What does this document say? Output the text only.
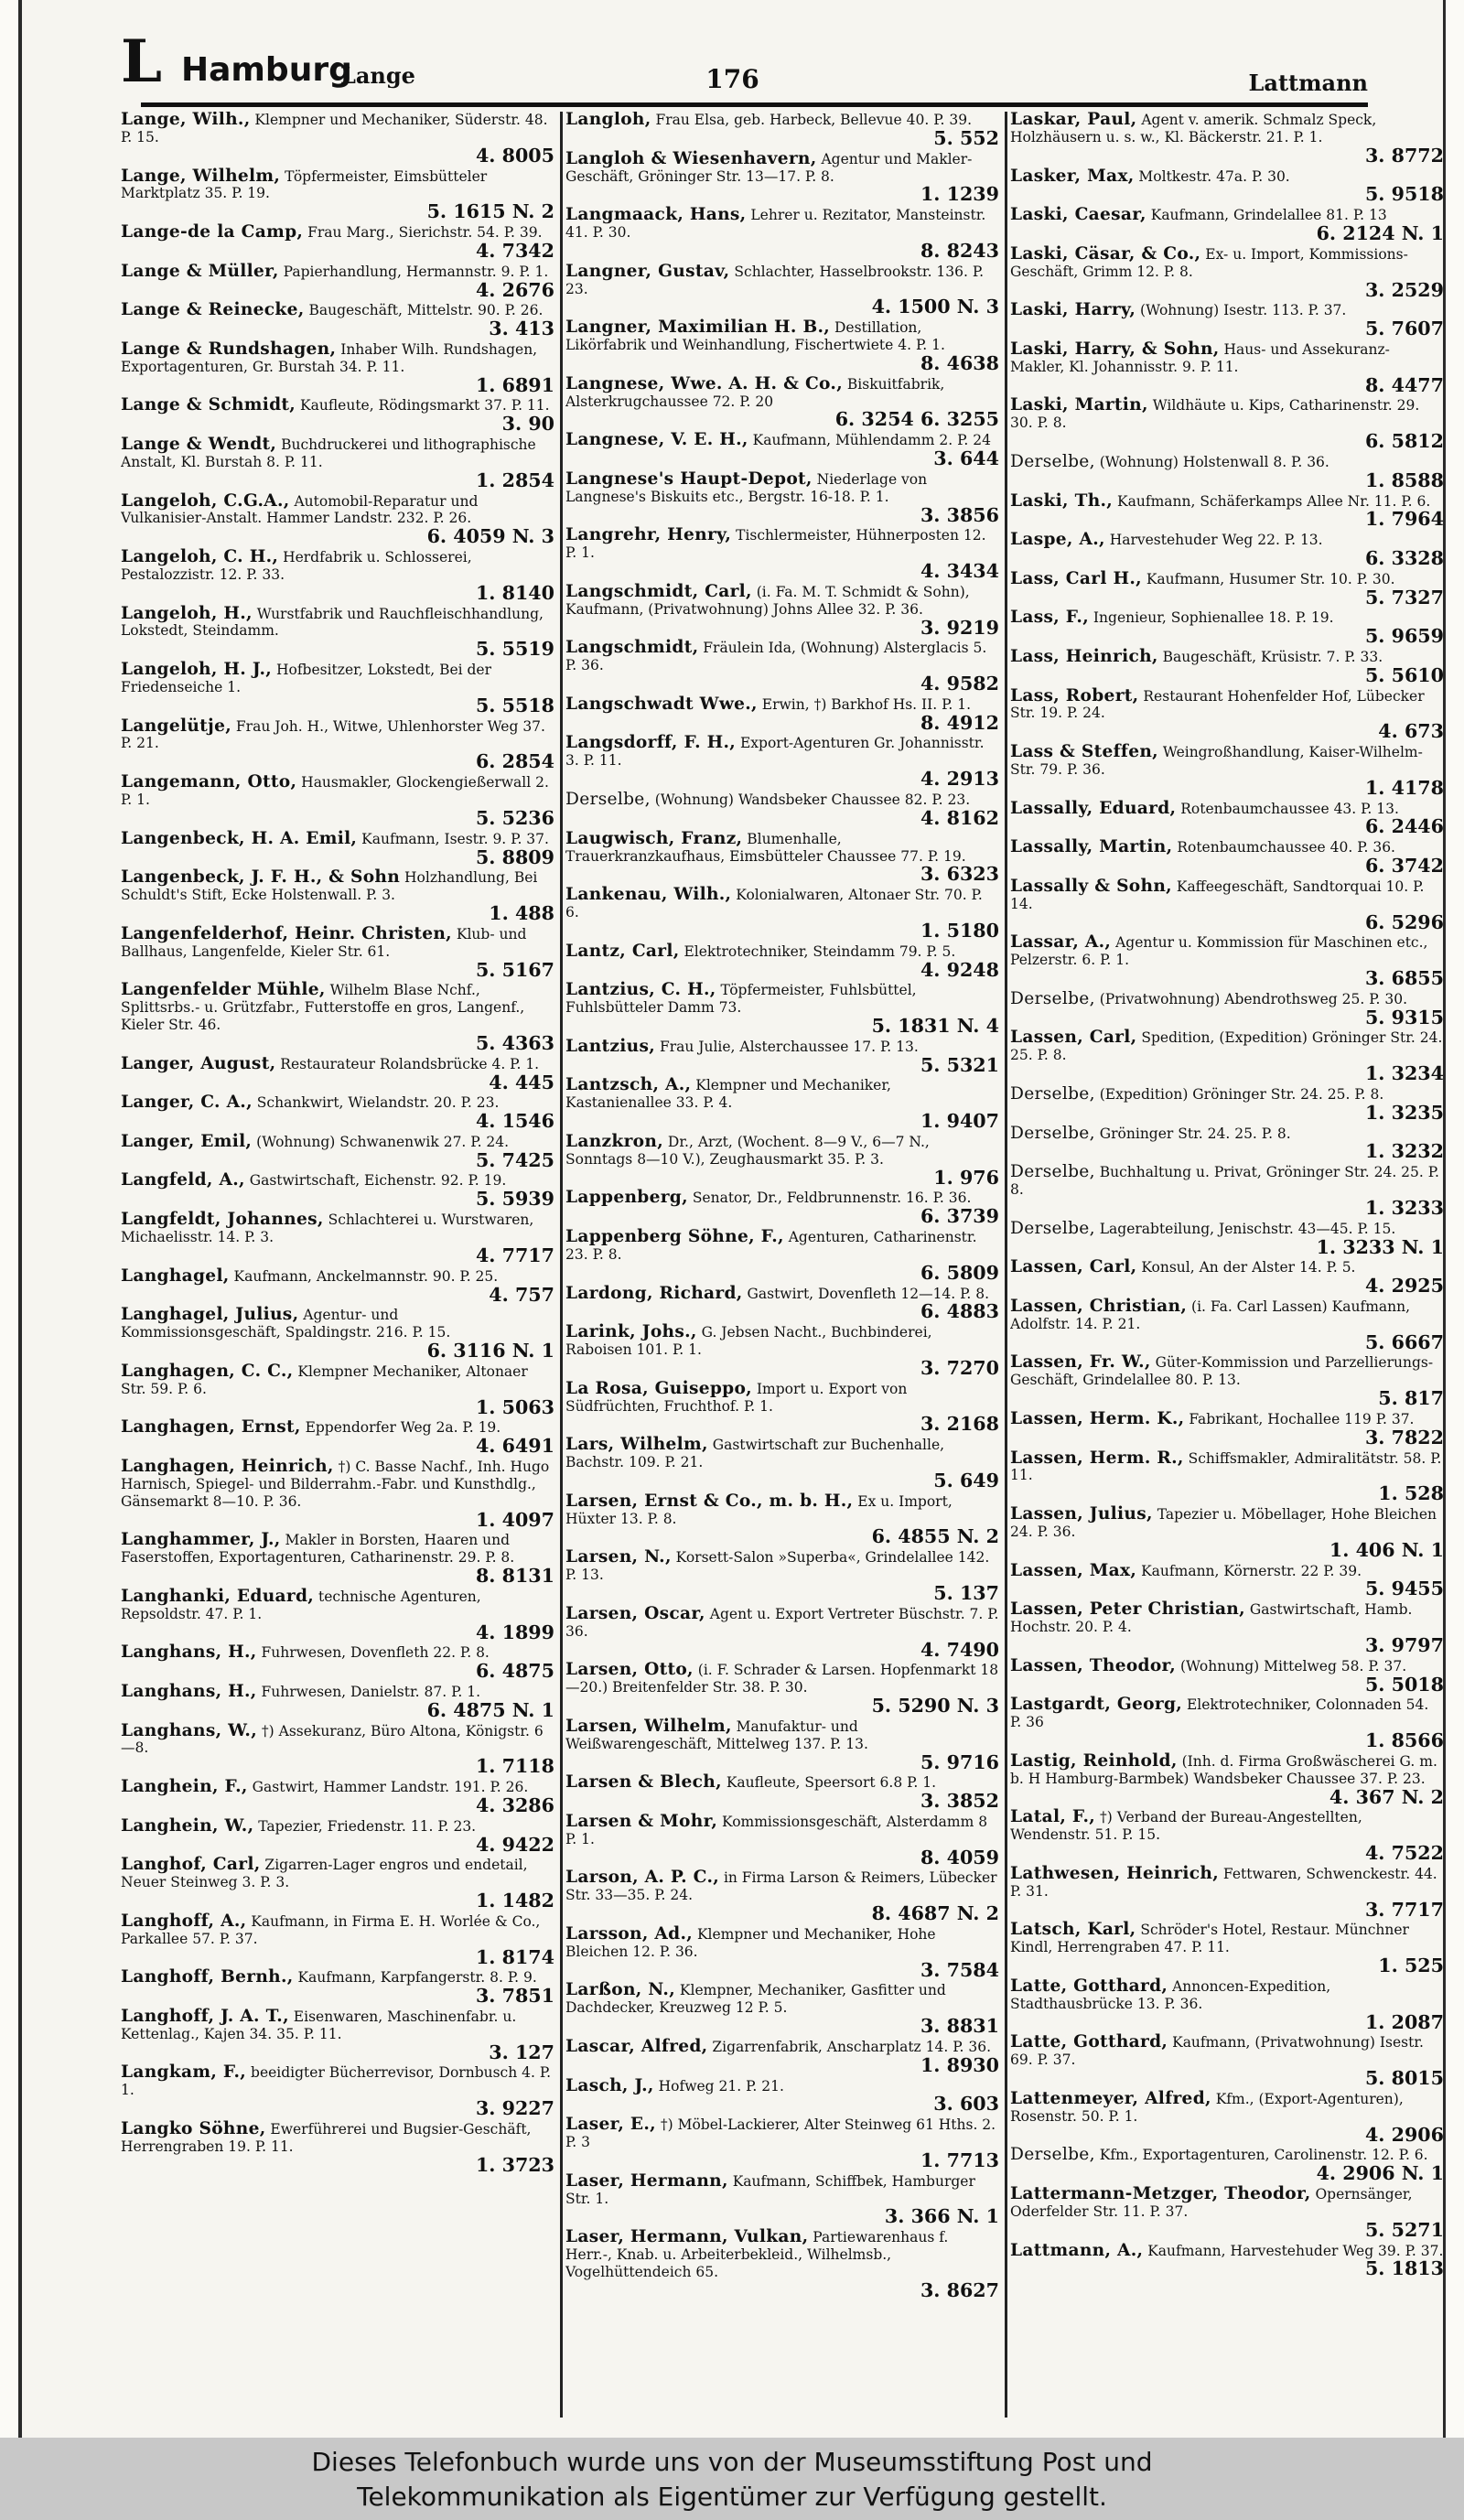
L Hamburg
Lange	176	Lattmann
Lange, Wilh., Klempner und Mechaniker, Süderstr. 48. P. 15.
4. 8005
Lange, Wilhelm, Töpfermeister, Eimsbütteler Marktplatz 35. P. 19.
5. 1615 N. 2
Lange-de la Camp, Frau Marg., Sierichstr. 54. P. 39.
4. 7342
Lange & Müller, Papierhandlung, Hermannstr. 9. P. 1.
4. 2676
Lange & Reinecke, Baugeschäft, Mittelstr. 90. P. 26.
3. 413
Lange & Rundshagen, Inhaber Wilh. Rundshagen, Exportagenturen, Gr. Burstah 34. P. 11.
1. 6891
Lange & Schmidt, Kaufleute, Rödingsmarkt 37. P. 11.
3. 90
Lange & Wendt, Buchdruckerei und lithographische Anstalt, Kl. Burstah 8. P. 11.
1. 2854
Langeloh, C.G.A., Automobil-Reparatur und Vulkanisier-Anstalt. Hammer Landstr. 232. P. 26.
6. 4059 N. 3
Langeloh, C. H., Herdfabrik u. Schlosserei, Pestalozzistr. 12. P. 33.
1. 8140
Langeloh, H., Wurstfabrik und Rauchfleischhandlung, Lokstedt, Steindamm.
5. 5519
Langeloh, H. J., Hofbesitzer, Lokstedt, Bei der Friedenseiche 1.
5. 5518
Langelütje, Frau Joh. H., Witwe, Uhlenhorster Weg 37. P. 21.
6. 2854
Langemann, Otto, Hausmakler, Glockengießerwall 2. P. 1.
5. 5236
Langenbeck, H. A. Emil, Kaufmann, Isestr. 9. P. 37.
5. 8809
Langenbeck, J. F. H., & Sohn Holzhandlung, Bei Schuldt's Stift, Ecke Holstenwall. P. 3.
1. 488
Langenfelderhof, Heinr. Christen, Klub- und Ballhaus, Langenfelde, Kieler Str. 61.
5. 5167
Langenfelder Mühle, Wilhelm Blase Nchf., Splittsrbs.- u. Grützfabr., Futterstoffe en gros, Langenf., Kieler Str. 46.
5. 4363
Langer, August, Restaurateur Rolandsbrücke 4. P. 1.
4. 445
Langer, C. A., Schankwirt, Wielandstr. 20. P. 23.
4. 1546
Langer, Emil, (Wohnung) Schwanenwik 27. P. 24.
5. 7425
Langfeld, A., Gastwirtschaft, Eichenstr. 92. P. 19.
5. 5939
Langfeldt, Johannes, Schlachterei u. Wurstwaren, Michaelisstr. 14. P. 3.
4. 7717
Langhagel, Kaufmann, Anckelmannstr. 90. P. 25.
4. 757
Langhagel, Julius, Agentur- und Kommissionsgeschäft, Spaldingstr. 216. P. 15.
6. 3116 N. 1
Langhagen, C. C., Klempner Mechaniker, Altonaer Str. 59. P. 6.
1. 5063
Langhagen, Ernst, Eppendorfer Weg 2a. P. 19.
4. 6491
Langhagen, Heinrich, †) C. Basse Nachf., Inh. Hugo Harnisch, Spiegel- und Bilderrahm.-Fabr. und Kunsthdlg., Gänsemarkt 8—10. P. 36.
1. 4097
Langhammer, J., Makler in Borsten, Haaren und Faserstoffen, Exportagenturen, Catharinenstr. 29. P. 8.
8. 8131
Langhanki, Eduard, technische Agenturen, Repsoldstr. 47. P. 1.
4. 1899
Langhans, H., Fuhrwesen, Dovenfleth 22. P. 8.
6. 4875
Langhans, H., Fuhrwesen, Danielstr. 87. P. 1.
6. 4875 N. 1
Langhans, W., †) Assekuranz, Büro Altona, Königstr. 6—8.
1. 7118
Langhein, F., Gastwirt, Hammer Landstr. 191. P. 26.
4. 3286
Langhein, W., Tapezier, Friedenstr. 11. P. 23.
4. 9422
Langhof, Carl, Zigarren-Lager engros und endetail, Neuer Steinweg 3. P. 3.
1. 1482
Langhoff, A., Kaufmann, in Firma E. H. Worlée & Co., Parkallee 57. P. 37.
1. 8174
Langhoff, Bernh., Kaufmann, Karpfangerstr. 8. P. 9.
3. 7851
Langhoff, J. A. T., Eisenwaren, Maschinenfabr. u. Kettenlag., Kajen 34. 35. P. 11.
3. 127
Langkam, F., beeidigter Bücherrevisor, Dornbusch 4. P. 1.
3. 9227
Langko Söhne, Ewerführerei und Bugsier-Geschäft, Herrengraben 19. P. 11.
1. 3723
Langloh, Frau Elsa, geb. Harbeck, Bellevue 40. P. 39.
5. 552
Langloh & Wiesenhavern, Agentur und Makler-Geschäft, Gröninger Str. 13—17. P. 8.
1. 1239
Langmaack, Hans, Lehrer u. Rezitator, Mansteinstr. 41. P. 30.
8. 8243
Langner, Gustav, Schlachter, Hasselbrookstr. 136. P. 23.
4. 1500 N. 3
Langner, Maximilian H. B., Destillation, Likörfabrik und Weinhandlung, Fischertwiete 4. P. 1.
8. 4638
Langnese, Wwe. A. H. & Co., Biskuitfabrik, Alsterkrugchaussee 72. P. 20
6. 3254 6. 3255
Langnese, V. E. H., Kaufmann, Mühlendamm 2. P. 24
3. 644
Langnese's Haupt-Depot, Niederlage von Langnese's Biskuits etc., Bergstr. 16-18. P. 1.
3. 3856
Langrehr, Henry, Tischlermeister, Hühnerposten 12. P. 1.
4. 3434
Langschmidt, Carl, (i. Fa. M. T. Schmidt & Sohn), Kaufmann, (Privatwohnung) Johns Allee 32. P. 36.
3. 9219
Langschmidt, Fräulein Ida, (Wohnung) Alsterglacis 5. P. 36.
4. 9582
Langschwadt Wwe., Erwin, †) Barkhof Hs. II. P. 1.
8. 4912
Langsdorff, F. H., Export-Agenturen Gr. Johannisstr. 3. P. 11.
4. 2913
Derselbe, (Wohnung) Wandsbeker Chaussee 82. P. 23.
4. 8162
Laugwisch, Franz, Blumenhalle, Trauerkranzkaufhaus, Eimsbütteler Chaussee 77. P. 19.
3. 6323
Lankenau, Wilh., Kolonialwaren, Altonaer Str. 70. P. 6.
1. 5180
Lantz, Carl, Elektrotechniker, Steindamm 79. P. 5.
4. 9248
Lantzius, C. H., Töpfermeister, Fuhlsbüttel, Fuhlsbütteler Damm 73.
5. 1831 N. 4
Lantzius, Frau Julie, Alsterchaussee 17. P. 13.
5. 5321
Lantzsch, A., Klempner und Mechaniker, Kastanienallee 33. P. 4.
1. 9407
Lanzkron, Dr., Arzt, (Wochent. 8—9 V., 6—7 N., Sonntags 8—10 V.), Zeughausmarkt 35. P. 3.
1. 976
Lappenberg, Senator, Dr., Feldbrunnenstr. 16. P. 36.
6. 3739
Lappenberg Söhne, F., Agenturen, Catharinenstr. 23. P. 8.
6. 5809
Lardong, Richard, Gastwirt, Dovenfleth 12—14. P. 8.
6. 4883
Larink, Johs., G. Jebsen Nacht., Buchbinderei, Raboisen 101. P. 1.
3. 7270
La Rosa, Guiseppo, Import u. Export von Südfrüchten, Fruchthof. P. 1.
3. 2168
Lars, Wilhelm, Gastwirtschaft zur Buchenhalle, Bachstr. 109. P. 21.
5. 649
Larsen, Ernst & Co., m. b. H., Ex u. Import, Hüxter 13. P. 8.
6. 4855 N. 2
Larsen, N., Korsett-Salon »Superba«, Grindelallee 142. P. 13.
5. 137
Larsen, Oscar, Agent u. Export Vertreter Büschstr. 7. P. 36.
4. 7490
Larsen, Otto, (i. F. Schrader & Larsen. Hopfenmarkt 18—20.) Breitenfelder Str. 38. P. 30.
5. 5290 N. 3
Larsen, Wilhelm, Manufaktur- und Weißwarengeschäft, Mittelweg 137. P. 13.
5. 9716
Larsen & Blech, Kaufleute, Speersort 6.8 P. 1.
3. 3852
Larsen & Mohr, Kommissionsgeschäft, Alsterdamm 8 P. 1.
8. 4059
Larson, A. P. C., in Firma Larson & Reimers, Lübecker Str. 33—35. P. 24.
8. 4687 N. 2
Larsson, Ad., Klempner und Mechaniker, Hohe Bleichen 12. P. 36.
3. 7584
Larßon, N., Klempner, Mechaniker, Gasfitter und Dachdecker, Kreuzweg 12 P. 5.
3. 8831
Lascar, Alfred, Zigarrenfabrik, Anscharplatz 14. P. 36.
1. 8930
Lasch, J., Hofweg 21. P. 21.
3. 603
Laser, E., †) Möbel-Lackierer, Alter Steinweg 61 Hths. 2. P. 3
1. 7713
Laser, Hermann, Kaufmann, Schiffbek, Hamburger Str. 1.
3. 366 N. 1
Laser, Hermann, Vulkan, Partiewarenhaus f. Herr.-, Knab. u. Arbeiterbekleid., Wilhelmsb., Vogelhüttendeich 65.
3. 8627
Laskar, Paul, Agent v. amerik. Schmalz Speck, Holzhäusern u. s. w., Kl. Bäckerstr. 21. P. 1.
3. 8772
Lasker, Max, Moltkestr. 47a. P. 30.
5. 9518
Laski, Caesar, Kaufmann, Grindelallee 81. P. 13
6. 2124 N. 1
Laski, Cäsar, & Co., Ex- u. Import, Kommissions-Geschäft, Grimm 12. P. 8.
3. 2529
Laski, Harry, (Wohnung) Isestr. 113. P. 37.
5. 7607
Laski, Harry, & Sohn, Haus- und Assekuranz-Makler, Kl. Johannisstr. 9. P. 11.
8. 4477
Laski, Martin, Wildhäute u. Kips, Catharinenstr. 29. 30. P. 8.
6. 5812
Derselbe, (Wohnung) Holstenwall 8. P. 36.
1. 8588
Laski, Th., Kaufmann, Schäferkamps Allee Nr. 11. P. 6.
1. 7964
Laspe, A., Harvestehuder Weg 22. P. 13.
6. 3328
Lass, Carl H., Kaufmann, Husumer Str. 10. P. 30.
5. 7327
Lass, F., Ingenieur, Sophienallee 18. P. 19.
5. 9659
Lass, Heinrich, Baugeschäft, Krüsistr. 7. P. 33.
5. 5610
Lass, Robert, Restaurant Hohenfelder Hof, Lübecker Str. 19. P. 24.
4. 673
Lass & Steffen, Weingroßhandlung, Kaiser-Wilhelm-Str. 79. P. 36.
1. 4178
Lassally, Eduard, Rotenbaumchaussee 43. P. 13.
6. 2446
Lassally, Martin, Rotenbaumchaussee 40. P. 36.
6. 3742
Lassally & Sohn, Kaffeegeschäft, Sandtorquai 10. P. 14.
6. 5296
Lassar, A., Agentur u. Kommission für Maschinen etc., Pelzerstr. 6. P. 1.
3. 6855
Derselbe, (Privatwohnung) Abendrothsweg 25. P. 30.
5. 9315
Lassen, Carl, Spedition, (Expedition) Gröninger Str. 24. 25. P. 8.
1. 3234
Derselbe, (Expedition) Gröninger Str. 24. 25. P. 8.
1. 3235
Derselbe, Gröninger Str. 24. 25. P. 8.
1. 3232
Derselbe, Buchhaltung u. Privat, Gröninger Str. 24. 25. P. 8.
1. 3233
Derselbe, Lagerabteilung, Jenischstr. 43—45. P. 15.
1. 3233 N. 1
Lassen, Carl, Konsul, An der Alster 14. P. 5.
4. 2925
Lassen, Christian, (i. Fa. Carl Lassen) Kaufmann, Adolfstr. 14. P. 21.
5. 6667
Lassen, Fr. W., Güter-Kommission und Parzellierungs-Geschäft, Grindelallee 80. P. 13.
5. 817
Lassen, Herm. K., Fabrikant, Hochallee 119 P. 37.
3. 7822
Lassen, Herm. R., Schiffsmakler, Admiralitätstr. 58. P. 11.
1. 528
Lassen, Julius, Tapezier u. Möbellager, Hohe Bleichen 24. P. 36.
1. 406 N. 1
Lassen, Max, Kaufmann, Körnerstr. 22 P. 39.
5. 9455
Lassen, Peter Christian, Gastwirtschaft, Hamb. Hochstr. 20. P. 4.
3. 9797
Lassen, Theodor, (Wohnung) Mittelweg 58. P. 37.
5. 5018
Lastgardt, Georg, Elektrotechniker, Colonnaden 54. P. 36
1. 8566
Lastig, Reinhold, (Inh. d. Firma Großwäscherei G. m. b. H Hamburg-Barmbek) Wandsbeker Chaussee 37. P. 23.
4. 367 N. 2
Latal, F., †) Verband der Bureau-Angestellten, Wendenstr. 51. P. 15.
4. 7522
Lathwesen, Heinrich, Fettwaren, Schwenckestr. 44. P. 31.
3. 7717
Latsch, Karl, Schröder's Hotel, Restaur. Münchner Kindl, Herrengraben 47. P. 11.
1. 525
Latte, Gotthard, Annoncen-Expedition, Stadthausbrücke 13. P. 36.
1. 2087
Latte, Gotthard, Kaufmann, (Privatwohnung) Isestr. 69. P. 37.
5. 8015
Lattenmeyer, Alfred, Kfm., (Export-Agenturen), Rosenstr. 50. P. 1.
4. 2906
Derselbe, Kfm., Exportagenturen, Carolinenstr. 12. P. 6.
4. 2906 N. 1
Lattermann-Metzger, Theodor, Opernsänger, Oderfelder Str. 11. P. 37.
5. 5271
Lattmann, A., Kaufmann, Harvestehuder Weg 39. P. 37.
5. 1813
Dieses Telefonbuch wurde uns von der Museumsstiftung Post und
Telekommunikation als Eigentümer zur Verfügung gestellt.
